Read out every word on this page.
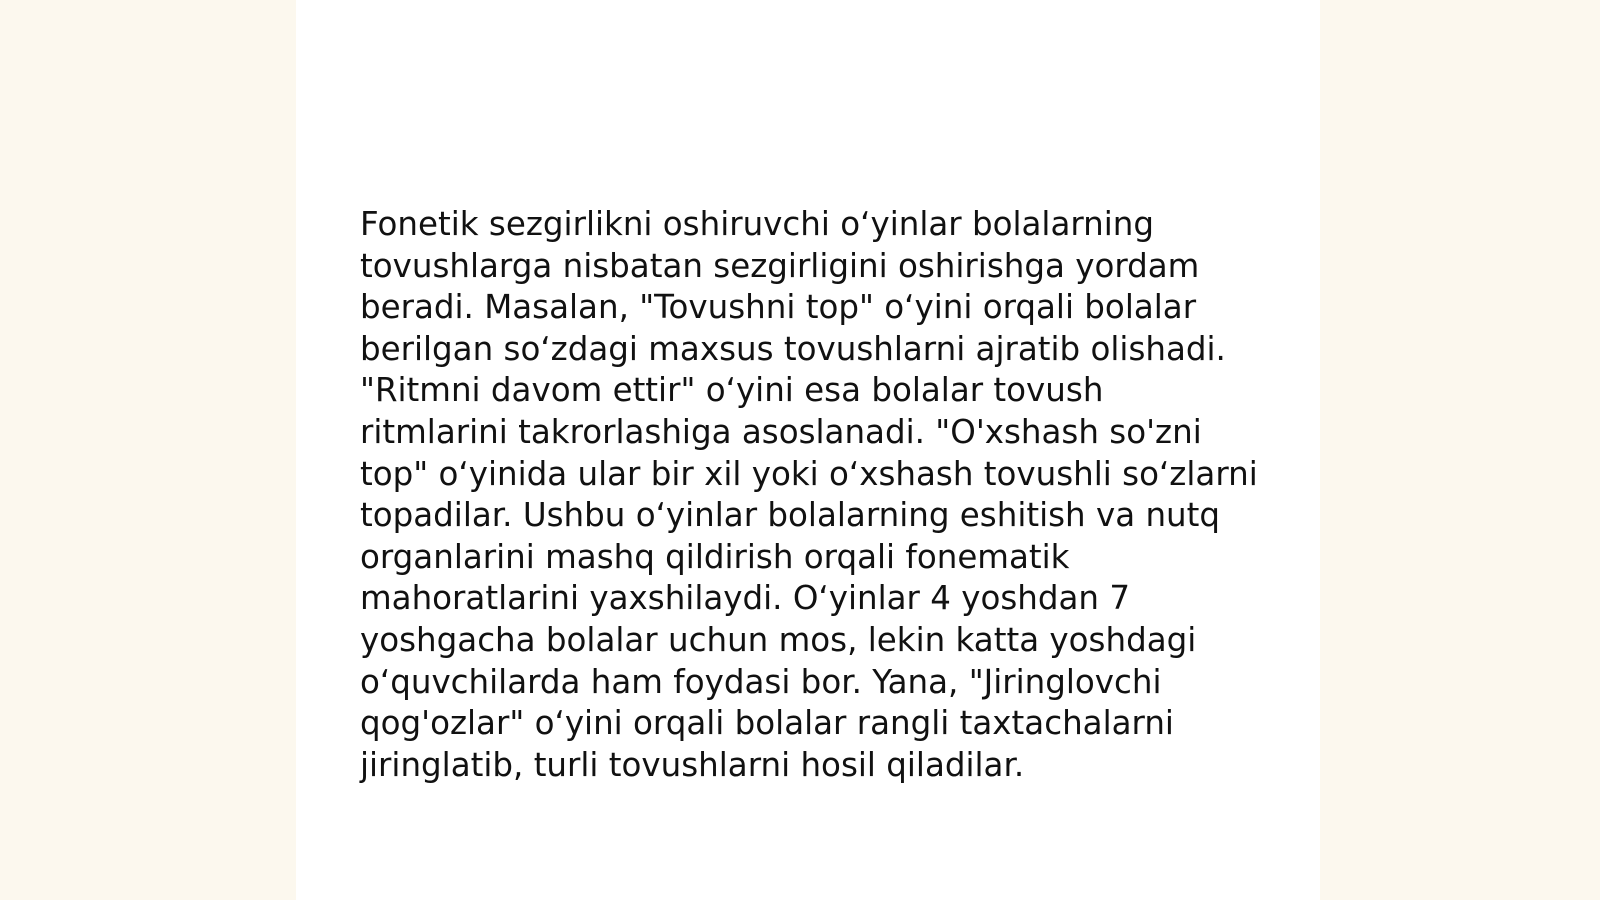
Fonetik sezgirlikni oshiruvchi o‘yinlar bolalarning
tovushlarga nisbatan sezgirligini oshirishga yordam
beradi. Masalan, "Tovushni top" o‘yini orqali bolalar
berilgan so‘zdagi maxsus tovushlarni ajratib olishadi.
"Ritmni davom ettir" o‘yini esa bolalar tovush
ritmlarini takrorlashiga asoslanadi. "O'xshash so'zni
top" o‘yinida ular bir xil yoki o‘xshash tovushli so‘zlarni
topadilar. Ushbu o‘yinlar bolalarning eshitish va nutq
organlarini mashq qildirish orqali fonematik
mahoratlarini yaxshilaydi. O‘yinlar 4 yoshdan 7
yoshgacha bolalar uchun mos, lekin katta yoshdagi
o‘quvchilarda ham foydasi bor. Yana, "Jiringlovchi
qog'ozlar" o‘yini orqali bolalar rangli taxtachalarni
jiringlatib, turli tovushlarni hosil qiladilar.
